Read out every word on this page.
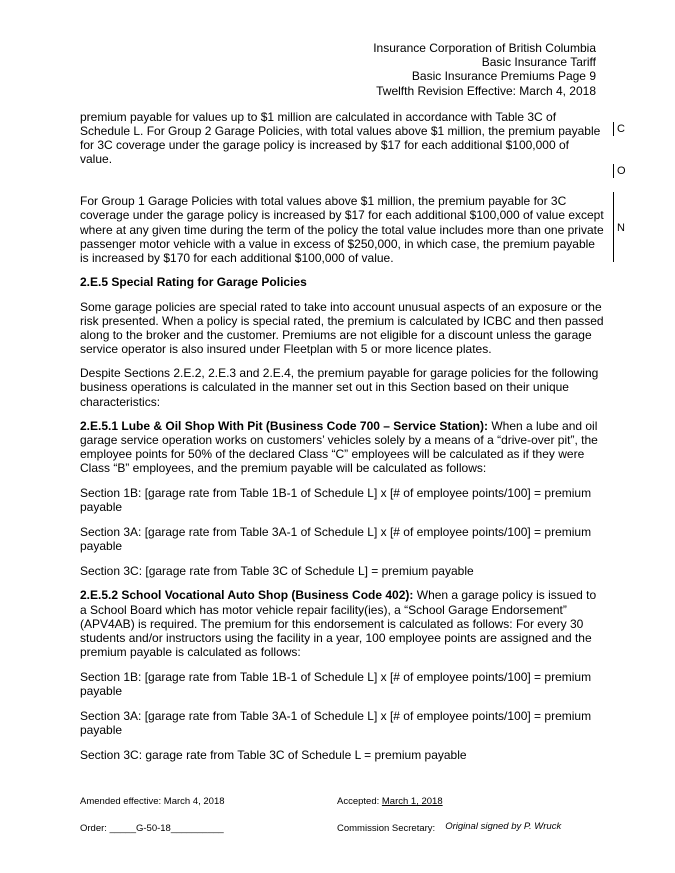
Insurance Corporation of British Columbia
Basic Insurance Tariff
Basic Insurance Premiums Page 9
Twelfth Revision Effective: March 4, 2018

premium payable for values up to $1 million are calculated in accordance with Table 3C of Schedule L. For Group 2 Garage Policies, with total values above $1 million, the premium payable for 3C coverage under the garage policy is increased by $17 for each additional $100,000 of value.

For Group 1 Garage Policies with total values above $1 million, the premium payable for 3C coverage under the garage policy is increased by $17 for each additional $100,000 of value except where at any given time during the term of the policy the total value includes more than one private passenger motor vehicle with a value in excess of $250,000, in which case, the premium payable is increased by $170 for each additional $100,000 of value.

2.E.5 Special Rating for Garage Policies

Some garage policies are special rated to take into account unusual aspects of an exposure or the risk presented. When a policy is special rated, the premium is calculated by ICBC and then passed along to the broker and the customer. Premiums are not eligible for a discount unless the garage service operator is also insured under Fleetplan with 5 or more licence plates.

Despite Sections 2.E.2, 2.E.3 and 2.E.4, the premium payable for garage policies for the following business operations is calculated in the manner set out in this Section based on their unique characteristics:

2.E.5.1 Lube & Oil Shop With Pit (Business Code 700 – Service Station): When a lube and oil garage service operation works on customers’ vehicles solely by a means of a “drive-over pit”, the employee points for 50% of the declared Class “C” employees will be calculated as if they were Class “B” employees, and the premium payable will be calculated as follows:

Section 1B: [garage rate from Table 1B-1 of Schedule L] x [# of employee points/100] = premium payable

Section 3A: [garage rate from Table 3A-1 of Schedule L] x [# of employee points/100] = premium payable

Section 3C: [garage rate from Table 3C of Schedule L] = premium payable

2.E.5.2 School Vocational Auto Shop (Business Code 402): When a garage policy is issued to a School Board which has motor vehicle repair facility(ies), a “School Garage Endorsement” (APV4AB) is required. The premium for this endorsement is calculated as follows: For every 30 students and/or instructors using the facility in a year, 100 employee points are assigned and the premium payable is calculated as follows:

Section 1B: [garage rate from Table 1B-1 of Schedule L] x [# of employee points/100] = premium payable

Section 3A: [garage rate from Table 3A-1 of Schedule L] x [# of employee points/100] = premium payable

Section 3C: garage rate from Table 3C of Schedule L = premium payable

C
O
N
Amended effective: March 4, 2018	Accepted: March 1, 2018
Order: _____G-50-18__________	Commission Secretary: Original signed by P. Wruck
